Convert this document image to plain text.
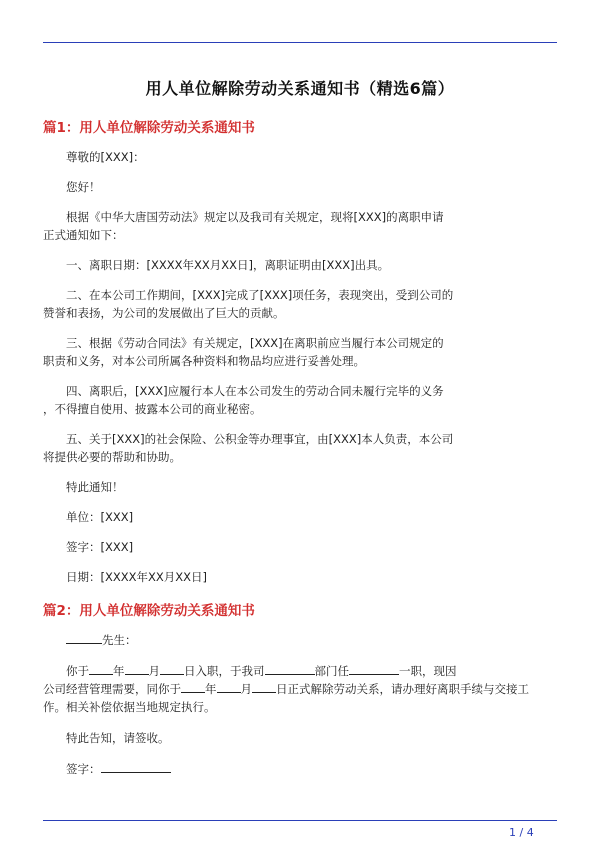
用人单位解除劳动关系通知书（精选6篇）
篇1：用人单位解除劳动关系通知书
尊敬的[XXX]：
您好！
根据《中华大唐国劳动法》规定以及我司有关规定，现将[XXX]的离职申请
正式通知如下：
一、离职日期：[XXXX年XX月XX日]，离职证明由[XXX]出具。
二、在本公司工作期间，[XXX]完成了[XXX]项任务，表现突出，受到公司的
赞誉和表扬，为公司的发展做出了巨大的贡献。
三、根据《劳动合同法》有关规定，[XXX]在离职前应当履行本公司规定的
职责和义务，对本公司所属各种资料和物品均应进行妥善处理。
四、离职后，[XXX]应履行本人在本公司发生的劳动合同未履行完毕的义务
，不得擅自使用、披露本公司的商业秘密。
五、关于[XXX]的社会保险、公积金等办理事宜，由[XXX]本人负责，本公司
将提供必要的帮助和协助。
特此通知！
单位：[XXX]
签字：[XXX]
日期：[XXXX年XX月XX日]
篇2：用人单位解除劳动关系通知书
先生：
你于 年 月 日入职，于我司	部门任	一职，现因
公司经营管理需要，同你于 年 月 日正式解除劳动关系，请办理好离职手续与交接工
作。相关补偿依据当地规定执行。
特此告知，请签收。
签字：
1 / 4
